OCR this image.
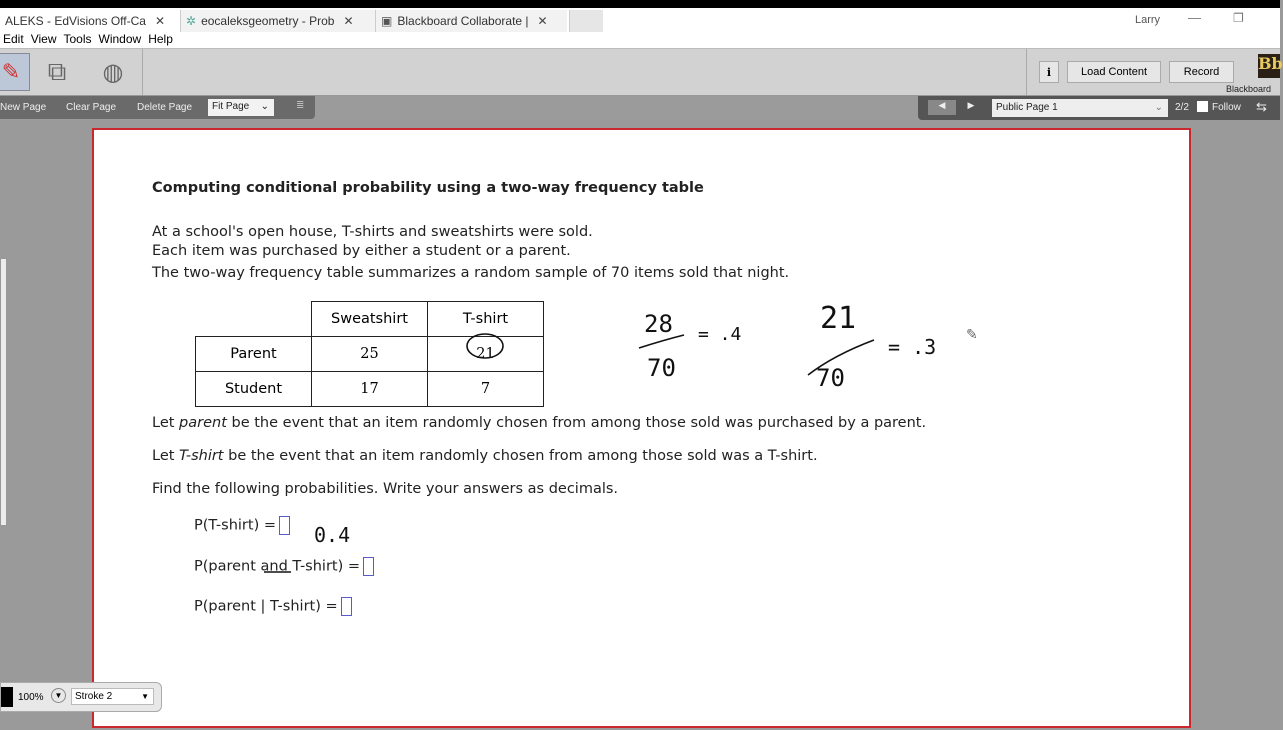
ALEKS - EdVisions Off-Ca ✕ ✲ eocaleksgeometry - Prob ✕ ▣ Blackboard Collaborate | ✕	Larry —	❐
Edit View Tools Window Help
✎ ⧉ ◍	i	Load Content	Record	Bb
Blackboard
New Page Clear Page Delete Page	Fit Page ⌄	≣	◀	▶	Public Page 1	⌄ 2/2 Follow ⇆
Computing conditional probability using a two-way frequency table
At a school's open house, T-shirts and sweatshirts were sold.
Each item was purchased by either a student or a parent.
The two-way frequency table summarizes a random sample of 70 items sold that night.
	Sweatshirt	T-shirt
Parent	25	21
Student	17	7
Let parent be the event that an item randomly chosen from among those sold was purchased by a parent.
Let T-shirt be the event that an item randomly chosen from among those sold was a T-shirt.
Find the following probabilities. Write your answers as decimals.
P(T-shirt) =
P(parent and T-shirt) =
P(parent | T-shirt) =
28
70
= .4	21
70
= .3
0.4
✎
100%	▼	Stroke 2	▼
